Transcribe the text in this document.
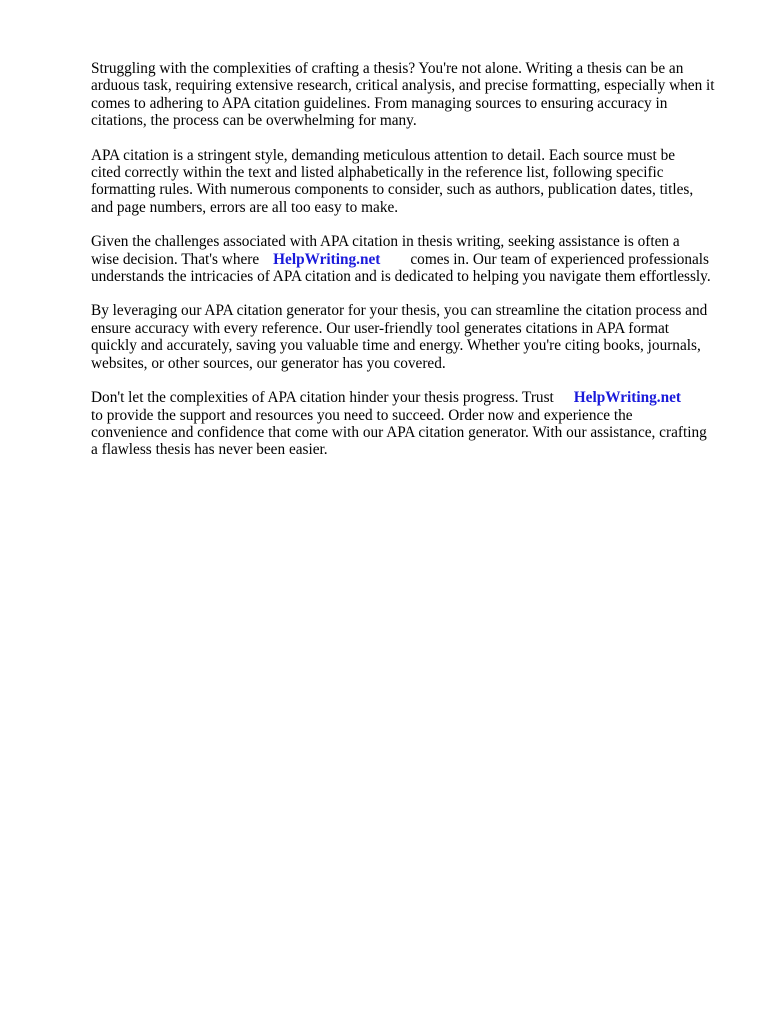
Struggling with the complexities of crafting a thesis? You're not alone. Writing a thesis can be an
arduous task, requiring extensive research, critical analysis, and precise formatting, especially when it
comes to adhering to APA citation guidelines. From managing sources to ensuring accuracy in
citations, the process can be overwhelming for many.

APA citation is a stringent style, demanding meticulous attention to detail. Each source must be
cited correctly within the text and listed alphabetically in the reference list, following specific
formatting rules. With numerous components to consider, such as authors, publication dates, titles,
and page numbers, errors are all too easy to make.

Given the challenges associated with APA citation in thesis writing, seeking assistance is often a
wise decision. That's where HelpWriting.net comes in. Our team of experienced professionals
understands the intricacies of APA citation and is dedicated to helping you navigate them effortlessly.

By leveraging our APA citation generator for your thesis, you can streamline the citation process and
ensure accuracy with every reference. Our user-friendly tool generates citations in APA format
quickly and accurately, saving you valuable time and energy. Whether you're citing books, journals,
websites, or other sources, our generator has you covered.

Don't let the complexities of APA citation hinder your thesis progress. Trust HelpWriting.net
to provide the support and resources you need to succeed. Order now and experience the
convenience and confidence that come with our APA citation generator. With our assistance, crafting
a flawless thesis has never been easier.
